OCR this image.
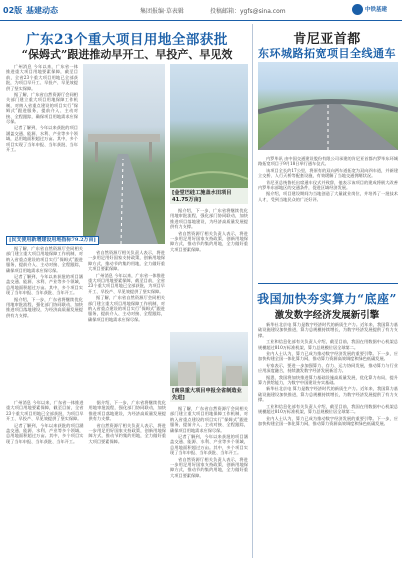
02版 基建动态	集团报编·草表辑	投稿邮箱：ygfs@sina.com	中铁基建
广东23个重大项目用地全部获批
“保姆式”跟进推动早开工、早投产、早见效

广州消息 今年以来，广东省一体推进重大项目用地要素保障，截至目前，全省23个重大项目用地已全部获批，为项目早开工、早投产、早见效提供了坚实保障。

据了解，广东省自然资源厅会同相关部门建立重大项目用地保障工作机制，对纳入省重点建设的项目实行“保姆式”跟进服务，提前介入、主动对接、全程跟踪，确保项目用地需求应保尽保。

记者了解到，今年以来获批的项目涵盖交通、能源、水利、产业等多个领域，总用地面积超过万亩。其中，多个项目实现了当年申报、当年获批、当年开工。

[金堂巴硅工施盖水田项目41.75万亩]

据介绍，下一步，广东省将继续优化用地审批流程，强化部门协同联动，加快推进项目落地建设，为经济高质量发展提供有力支撑。

省自然资源厅相关负责人表示，将进一步用足用好国家支持政策，创新用地保障方式，推动节约集约用地，全力做好重大项目要素保障。

[民支使用新增建设用地指标79.2万亩]

据了解，广东省自然资源厅会同相关部门建立重大项目用地保障工作机制，对纳入省重点建设的项目实行“保姆式”跟进服务，提前介入、主动对接、全程跟踪，确保项目用地需求应保尽保。

记者了解到，今年以来获批的项目涵盖交通、能源、水利、产业等多个领域，总用地面积超过万亩。其中，多个项目实现了当年申报、当年获批、当年开工。

据介绍，下一步，广东省将继续优化用地审批流程，强化部门协同联动，加快推进项目落地建设，为经济高质量发展提供有力支撑。

省自然资源厅相关负责人表示，将进一步用足用好国家支持政策，创新用地保障方式，推动节约集约用地，全力做好重大项目要素保障。

广州消息 今年以来，广东省一体推进重大项目用地要素保障，截至目前，全省23个重大项目用地已全部获批，为项目早开工、早投产、早见效提供了坚实保障。

据了解，广东省自然资源厅会同相关部门建立重大项目用地保障工作机制，对纳入省重点建设的项目实行“保姆式”跟进服务，提前介入、主动对接、全程跟踪，确保项目用地需求应保尽保。

[南泉重大项目申报全省制造业先进]

广州消息 今年以来，广东省一体推进重大项目用地要素保障，截至目前，全省23个重大项目用地已全部获批，为项目早开工、早投产、早见效提供了坚实保障。

记者了解到，今年以来获批的项目涵盖交通、能源、水利、产业等多个领域，总用地面积超过万亩。其中，多个项目实现了当年申报、当年获批、当年开工。

据介绍，下一步，广东省将继续优化用地审批流程，强化部门协同联动，加快推进项目落地建设，为经济高质量发展提供有力支撑。

省自然资源厅相关负责人表示，将进一步用足用好国家支持政策，创新用地保障方式，推动节约集约用地，全力做好重大项目要素保障。

据了解，广东省自然资源厅会同相关部门建立重大项目用地保障工作机制，对纳入省重点建设的项目实行“保姆式”跟进服务，提前介入、主动对接、全程跟踪，确保项目用地需求应保尽保。

记者了解到，今年以来获批的项目涵盖交通、能源、水利、产业等多个领域，总用地面积超过万亩。其中，多个项目实现了当年申报、当年获批、当年开工。

省自然资源厅相关负责人表示，将进一步用足用好国家支持政策，创新用地保障方式，推动节约集约用地，全力做好重大项目要素保障。

肯尼亚首都
东环城路拓宽项目全线通车

内罗毕讯 由中国交通建设股份有限公司承建的肯尼亚首都内罗毕东环城路拓宽项目于9月18日举行通车仪式。

该项目全长约17公里，将原有的双向两车道拓宽为双向四车道，并新建立交桥、人行天桥等配套设施，有效缓解了当地交通拥堵状况。

肯尼亚总统鲁托出席通车仪式并致辞，他表示该项目的建成将极大改善内罗毕东部地区的交通条件，促进区域经济发展。

据介绍，项目建设期间为当地创造了大量就业岗位，并培养了一批技术人才，受到当地民众的广泛好评。

我国加快夯实算力“底座”
激发数字经济发展新引擎

新华社北京电 算力是数字经济时代的新质生产力。近年来，我国算力基础设施建设加快推进，算力总规模持续增长，为数字经济发展提供了有力支撑。

工业和信息化部有关负责人介绍，截至目前，我国在用数据中心机架总规模超过810万标准机架，算力总规模位居全球第二。

业内人士认为，算力已成为推动数字经济发展的重要引擎。下一步，应加快构建全国一体化算力网，推动算力资源高效调度和绿色低碳发展。

专家表示，要进一步加强算力、存力、运力协同发展，推动算力与行业应用深度融合，持续激发数字经济发展新活力。

据悉，我国将加快推进算力基础设施高质量发展，优化算力布局，提升算力供给能力，为数字中国建设夯实基础。

新华社北京电 算力是数字经济时代的新质生产力。近年来，我国算力基础设施建设加快推进，算力总规模持续增长，为数字经济发展提供了有力支撑。

工业和信息化部有关负责人介绍，截至目前，我国在用数据中心机架总规模超过810万标准机架，算力总规模位居全球第二。

业内人士认为，算力已成为推动数字经济发展的重要引擎。下一步，应加快构建全国一体化算力网，推动算力资源高效调度和绿色低碳发展。
